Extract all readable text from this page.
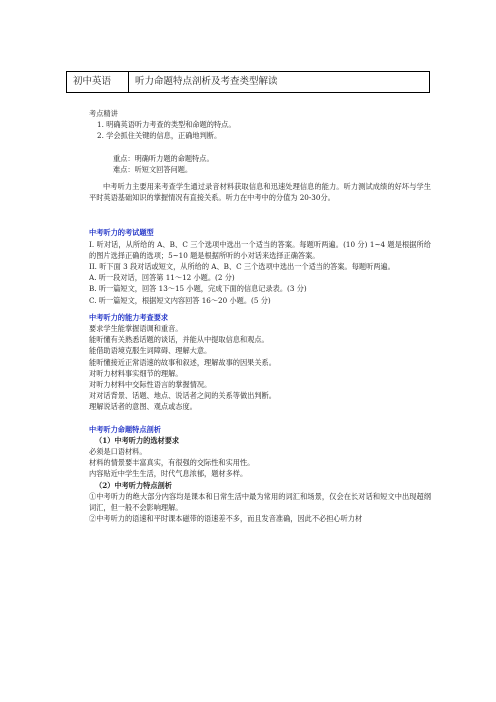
初中英语	听力命题特点剖析及考查类型解读
考点精讲
1. 明确英语听力考查的类型和命题的特点。
2. 学会抓住关键的信息，正确地判断。
重点：明确听力题的命题特点。
难点：听短文回答问题。
中考听力主要用来考查学生通过录音材料获取信息和迅速处理信息的能力。听力测试成绩的好坏与学生平时英语基础知识的掌握情况有直接关系。听力在中考中的分值为 20-30分。
中考听力的考试题型
I. 听对话，从所给的 A、B、C 三个选项中选出一个适当的答案。每题听两遍。(10 分) 1~4 题是根据所给的图片选择正确的选项；5~10 题是根据所听的小对话来选择正确答案。
II. 听下面 3 段对话或短文，从所给的 A、B、C 三个选项中选出一个适当的答案。每题听两遍。
A. 听一段对话，回答第 11～12 小题。(2 分)
B. 听一篇短文，回答 13～15 小题，完成下面的信息记录表。(3 分)
C. 听一篇短文，根据短文内容回答 16～20 小题。(5 分)
中考听力的能力考查要求
要求学生能掌握语调和重音。
能听懂有关熟悉话题的谈话，并能从中提取信息和观点。
能借助语境克服生词障碍、理解大意。
能听懂接近正常语速的故事和叙述，理解故事的因果关系。
对听力材料事实细节的理解。
对听力材料中交际性语言的掌握情况。
对对话背景、话题、地点、说话者之间的关系等做出判断。
理解说话者的意图、观点或态度。
中考听力命题特点剖析
（1）中考听力的选材要求
必须是口语材料。
材料的情景要丰富真实，有很强的交际性和实用性。
内容贴近中学生生活，时代气息浓郁，题材多样。
（2）中考听力特点剖析
①中考听力的绝大部分内容均是课本和日常生活中最为常用的词汇和场景，仅会在长对话和短文中出现超纲词汇，但一般不会影响理解。
②中考听力的语速和平时课本磁带的语速差不多，而且发音准确，因此不必担心听力材
